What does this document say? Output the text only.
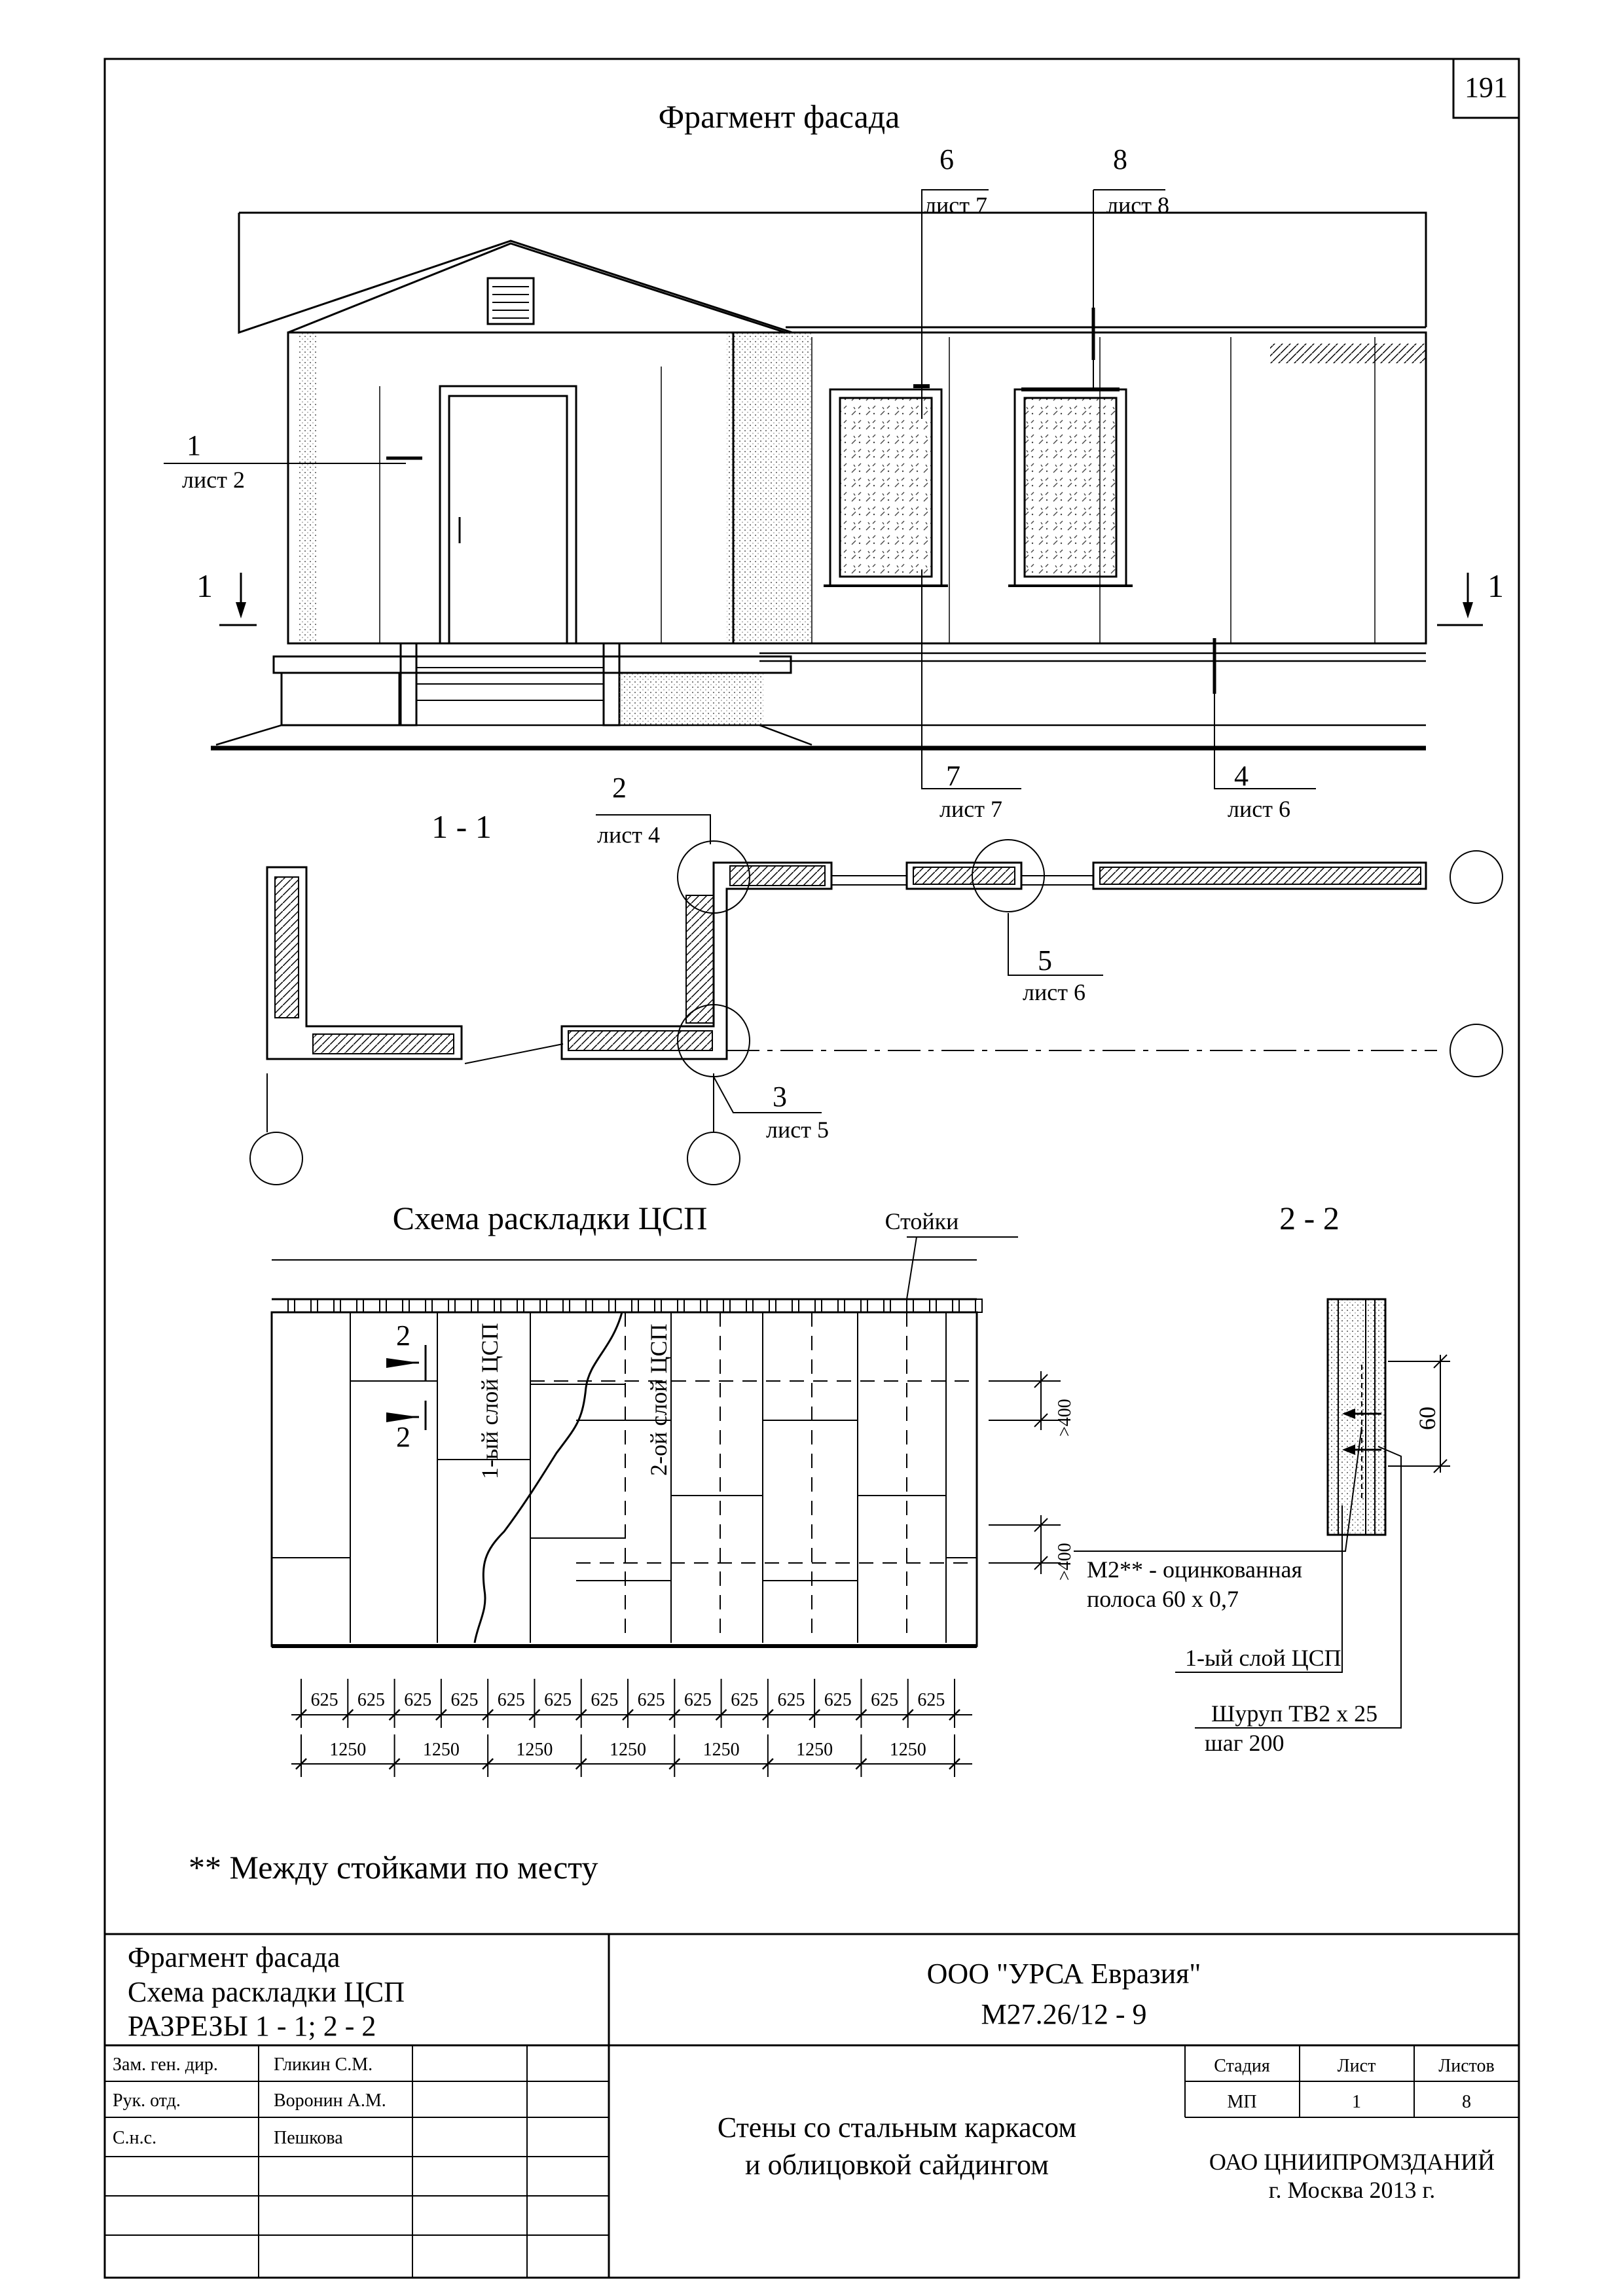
191
Фрагмент фасада
6
лист 7
8
лист 8
1
лист 2
7
лист 7
4
лист 6
1	1
1 - 1
2
лист 4
5
лист 6
3
лист 5
Схема раскладки ЦСП	Стойки
1-ый слой ЦСП	2-ой слой ЦСП
2
2
>400
>400
625 625 625 625 625 625 625 625 625 625 625 625 625 625
1250	1250	1250	1250	1250	1250	1250
2 - 2
60
М2** - оцинкованная
полоса 60 х 0,7
1-ый слой ЦСП
Шуруп ТВ2 х 25
шаг 200
** Между стойками по месту
Фрагмент фасада
Схема раскладки ЦСП
РАЗРЕЗЫ 1 - 1; 2 - 2
ООО "УРСА Евразия"
М27.26/12 - 9
Зам. ген. дир.	Гликин С.М.
Рук. отд.	Воронин А.М.
С.н.с.	Пешкова	Стены со стальным каркасом
и облицовкой сайдингом
Стадия	Лист	Листов
МП	1	8
ОАО ЦНИИПРОМЗДАНИЙ
г. Москва 2013 г.
